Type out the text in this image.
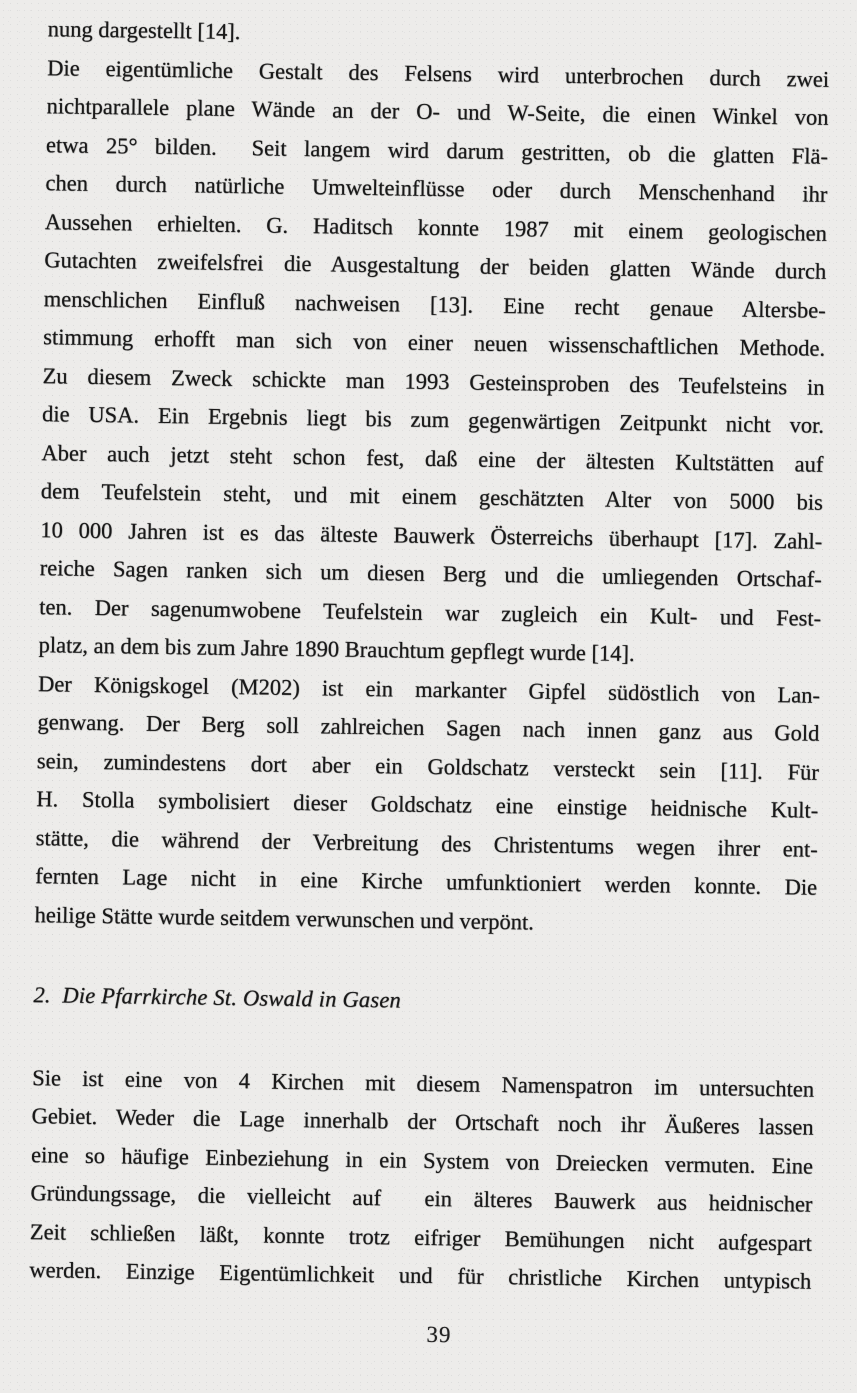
nung dargestellt [14].
Die eigentümliche Gestalt des Felsens wird unterbrochen durch zwei
nichtparallele plane Wände an der O- und W-Seite, die einen Winkel von
etwa 25° bilden.  Seit langem wird darum gestritten, ob die glatten Flä-
chen durch natürliche Umwelteinflüsse oder durch Menschenhand ihr
Aussehen erhielten. G. Haditsch konnte 1987 mit einem geologischen
Gutachten zweifelsfrei die Ausgestaltung der beiden glatten Wände durch
menschlichen Einfluß nachweisen [13]. Eine recht genaue Altersbe-
stimmung erhofft man sich von einer neuen wissenschaftlichen Methode.
Zu diesem Zweck schickte man 1993 Gesteinsproben des Teufelsteins in
die USA. Ein Ergebnis liegt bis zum gegenwärtigen Zeitpunkt nicht vor.
Aber auch jetzt steht schon fest, daß eine der ältesten Kultstätten auf
dem Teufelstein steht, und mit einem geschätzten Alter von 5000 bis
10 000 Jahren ist es das älteste Bauwerk Österreichs überhaupt [17]. Zahl-
reiche Sagen ranken sich um diesen Berg und die umliegenden Ortschaf-
ten. Der sagenumwobene Teufelstein war zugleich ein Kult- und Fest-
platz, an dem bis zum Jahre 1890 Brauchtum gepflegt wurde [14].
Der Königskogel (M202) ist ein markanter Gipfel südöstlich von Lan-
genwang. Der Berg soll zahlreichen Sagen nach innen ganz aus Gold
sein, zumindestens dort aber ein Goldschatz versteckt sein [11]. Für
H. Stolla symbolisiert dieser Goldschatz eine einstige heidnische Kult-
stätte, die während der Verbreitung des Christentums wegen ihrer ent-
fernten Lage nicht in eine Kirche umfunktioniert werden konnte. Die
heilige Stätte wurde seitdem verwunschen und verpönt.
2.  Die Pfarrkirche St. Oswald in Gasen
Sie ist eine von 4 Kirchen mit diesem Namenspatron im untersuchten
Gebiet. Weder die Lage innerhalb der Ortschaft noch ihr Äußeres lassen
eine so häufige Einbeziehung in ein System von Dreiecken vermuten. Eine
Gründungssage, die vielleicht auf  ein älteres Bauwerk aus heidnischer
Zeit schließen läßt, konnte trotz eifriger Bemühungen nicht aufgespart
werden. Einzige Eigentümlichkeit und für christliche Kirchen untypisch
39
